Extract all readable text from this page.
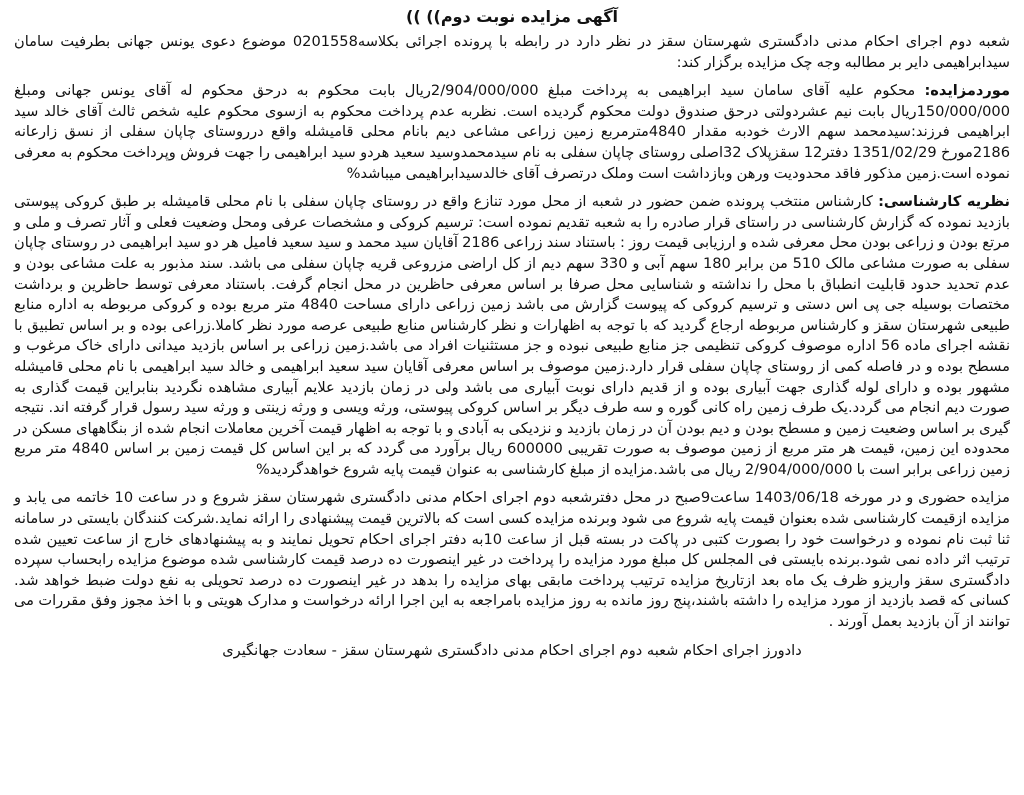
آگهی مزایده نوبت دوم)) ))

شعبه دوم اجرای احکام مدنی دادگستری شهرستان سقز در نظر دارد در رابطه با پرونده اجرائی بکلاسه0201558 موضوع دعوی یونس جهانی بطرفیت سامان سیدابراهیمی دایر بر مطالبه وجه چک مزایده برگزار کند:

موردمزایده: محکوم علیه آقای سامان سید ابراهیمی به پرداخت مبلغ 2/904/000/000ریال بابت محکوم به درحق محکوم له آقای یونس جهانی ومبلغ 150/000/000ریال بابت نیم عشردولتی درحق صندوق دولت محکوم گردیده است. نظربه عدم پرداخت محکوم به ازسوی محکوم علیه شخص ثالث آقای خالد سید ابراهیمی فرزند:سیدمحمد سهم الارث خودبه مقدار 4840مترمربع زمین زراعی مشاعی دیم بانام محلی قامیشله واقع درروستای چاپان سفلی از نسق زارعانه 2186مورخ 1351/02/29 دفتر12 سقزپلاک 32اصلی روستای چاپان سفلی به نام سیدمحمدوسید سعید هردو سید ابراهیمی را جهت فروش وپرداخت محکوم به معرفی نموده است.زمین مذکور فاقد محدودیت ورهن وبازداشت است وملک درتصرف آقای خالدسیدابراهیمی میباشد%

نظریه کارشناسی: کارشناس منتخب پرونده ضمن حضور در شعبه از محل مورد تنازع واقع در روستای چاپان سفلی با نام محلی قامیشله بر طبق کروکی پیوستی بازدید نموده که گزارش کارشناسی در راستای قرار صادره را به شعبه تقدیم نموده است: ترسیم کروکی و مشخصات عرفی ومحل وضعیت فعلی و آثار تصرف و ملی و مرتع بودن و زراعی بودن محل معرفی شده و ارزیابی قیمت روز : باستناد سند زراعی 2186 آقایان سید محمد و سید سعید فامیل هر دو سید ابراهیمی در روستای چاپان سفلی به صورت مشاعی مالک 510 من برابر 180 سهم آبی و 330 سهم دیم از کل اراضی مزروعی قریه چاپان سفلی می باشد. سند مذبور به علت مشاعی بودن و عدم تحدید حدود قابلیت انطباق با محل را نداشته و شناسایی محل صرفا بر اساس معرفی حاظرین در محل انجام گرفت. باستناد معرفی توسط حاظرین و برداشت مختصات بوسیله جی پی اس دستی و ترسیم کروکی که پیوست گزارش می باشد زمین زراعی دارای مساحت 4840 متر مربع بوده و کروکی مربوطه به اداره منابع طبیعی شهرستان سقز و کارشناس مربوطه ارجاع گردید که با توجه به اظهارات و نظر کارشناس منابع طبیعی عرصه مورد نظر کاملا.زراعی بوده و بر اساس تطبیق با نقشه اجرای ماده 56 اداره موصوف کروکی تنظیمی جز منابع طبیعی نبوده و جز مستثنیات افراد می باشد.زمین زراعی بر اساس بازدید میدانی دارای خاک مرغوب و مسطح بوده و در فاصله کمی از روستای چاپان سفلی قرار دارد.زمین موصوف بر اساس معرفی آقایان سید سعید ابراهیمی و خالد سید ابراهیمی با نام محلی قامیشله مشهور بوده و دارای لوله گذاری جهت آبیاری بوده و از قدیم دارای نوبت آبیاری می باشد ولی در زمان بازدید علایم آبیاری مشاهده نگردید بنابراین قیمت گذاری به صورت دیم انجام می گردد.یک طرف زمین راه کانی گوره و سه طرف دیگر بر اساس کروکی پیوستی، ورثه ویسی و ورثه زینتی و ورثه سید رسول قرار گرفته اند. نتیجه گیری بر اساس وضعیت زمین و مسطح بودن و دیم بودن آن در زمان بازدید و نزدیکی به آبادی و با توجه به اظهار قیمت آخرین معاملات انجام شده از بنگاههای مسکن در محدوده این زمین، قیمت هر متر مربع از زمین موصوف به صورت تقریبی 600000 ریال برآورد می گردد که بر این اساس کل قیمت زمین بر اساس 4840 متر مربع زمین زراعی برابر است با 2/904/000/000 ریال می باشد.مزایده از مبلغ کارشناسی به عنوان قیمت پایه شروع خواهدگردید%

مزایده حضوری و در مورخه 1403/06/18 ساعت9صبح در محل دفترشعبه دوم اجرای احکام مدنی دادگستری شهرستان سقز شروع و در ساعت 10 خاتمه می یابد و مزایده ازقیمت کارشناسی شده بعنوان قیمت پایه شروع می شود وبرنده مزایده کسی است که بالاترین قیمت پیشنهادی را ارائه نماید.شرکت کنندگان بایستی در سامانه ثنا ثبت نام نموده و درخواست خود را بصورت کتبی در پاکت در بسته قبل از ساعت 10به دفتر اجرای احکام تحویل نمایند و به پیشنهادهای خارج از ساعت تعیین شده ترتیب اثر داده نمی شود.برنده بایستی فی المجلس کل مبلغ مورد مزایده را پرداخت در غیر اینصورت ده درصد قیمت کارشناسی شده موضوع مزایده رابحساب سپرده دادگستری سقز واریزو ظرف یک ماه بعد ازتاریخ مزایده ترتیب پرداخت مابقی بهای مزایده را بدهد در غیر اینصورت ده درصد تحویلی به نفع دولت ضبط خواهد شد. کسانی که قصد بازدید از مورد مزایده را داشته باشند،پنج روز مانده به روز مزایده بامراجعه به این اجرا ارائه درخواست و مدارک هویتی و با اخذ مجوز وفق مقررات می توانند از آن بازدید بعمل آورند .

دادورز اجرای احکام شعبه دوم اجرای احکام مدنی دادگستری شهرستان سقز - سعادت جهانگیری
